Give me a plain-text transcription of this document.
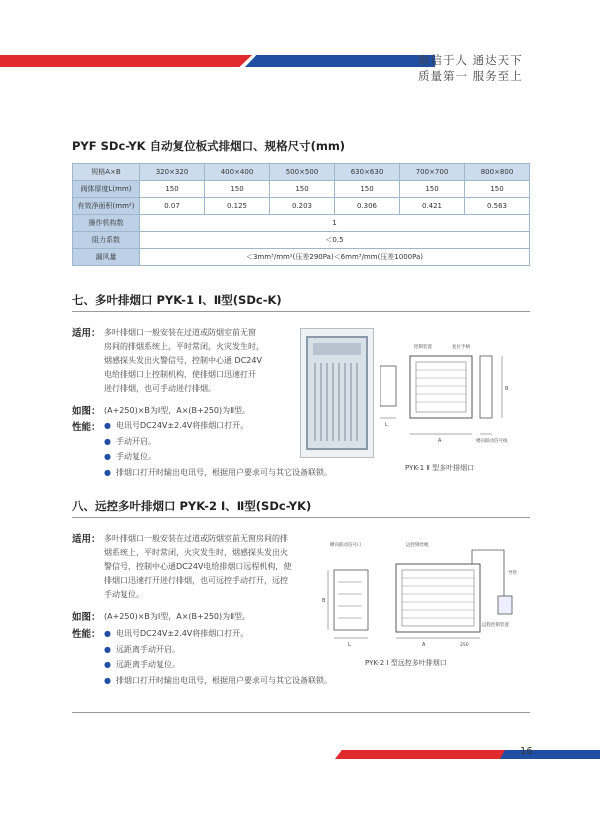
取信于人 通达天下
质量第一 服务至上
PYF SDc-YK 自动复位板式排烟口、规格尺寸(mm)
规格A×B	320×320	400×400	500×500	630×630	700×700	800×800
阀体厚度L(mm)	150	150	150	150	150	150
有效净面积(mm²)	0.07	0.125	0.203	0.306	0.421	0.563
操作机构数	1					
阻力系数	＜0.5					
漏风量	＜3mm³/mm²(压差290Pa)＜6mm³/mm(压差1000Pa)					
七、多叶排烟口 PYK-1 Ⅰ、Ⅱ型(SDc-K)
适用： 多叶排烟口一般安装在过道或防烟室前无窗
房间的排烟系统上，平时常闭，火灾发生时，
烟感探头发出火警信号，控制中心通 DC24V
电给排烟口上控制机构，使排烟口迅速打开
进行排烟，也可手动进行排烟。
如图： (A+250)×B为Ⅰ型，A×(B+250)为Ⅱ型。
性能：	● 电讯号DC24V±2.4V将排烟口打开。
● 手动开启。
● 手动复位。
● 排烟口打开时输出电讯号，根据用户要求可与其它设备联锁。
控制装置	复位手柄
楼向联动信号线
A
B
L
PYK-1 Ⅱ 型多叶排烟口
八、远控多叶排烟口 PYK-2 Ⅰ、Ⅱ型(SDc-YK)
适用： 多叶排烟口一般安装在过道或防烟室前无窗房间的排
烟系统上，平时常闭，火灾发生时，烟感探头发出火
警信号，控制中心通DC24V电给排烟口远程机构，使
排烟口迅速打开进行排烟，也可远控手动打开，远控
手动复位。
如图： (A+250)×B为Ⅰ型，A×(B+250)为Ⅱ型。
性能：	● 电讯号DC24V±2.4V将排烟口打开。
● 远距离手动开启。
● 远距离手动复位。
● 排烟口打开时输出电讯号，根据用户要求可与其它设备联锁。
横向联动信号口	远控钢丝绳
导管
远程控制装置
A	250
B
L
PYK-2 Ⅰ 型远控多叶排烟口
16
